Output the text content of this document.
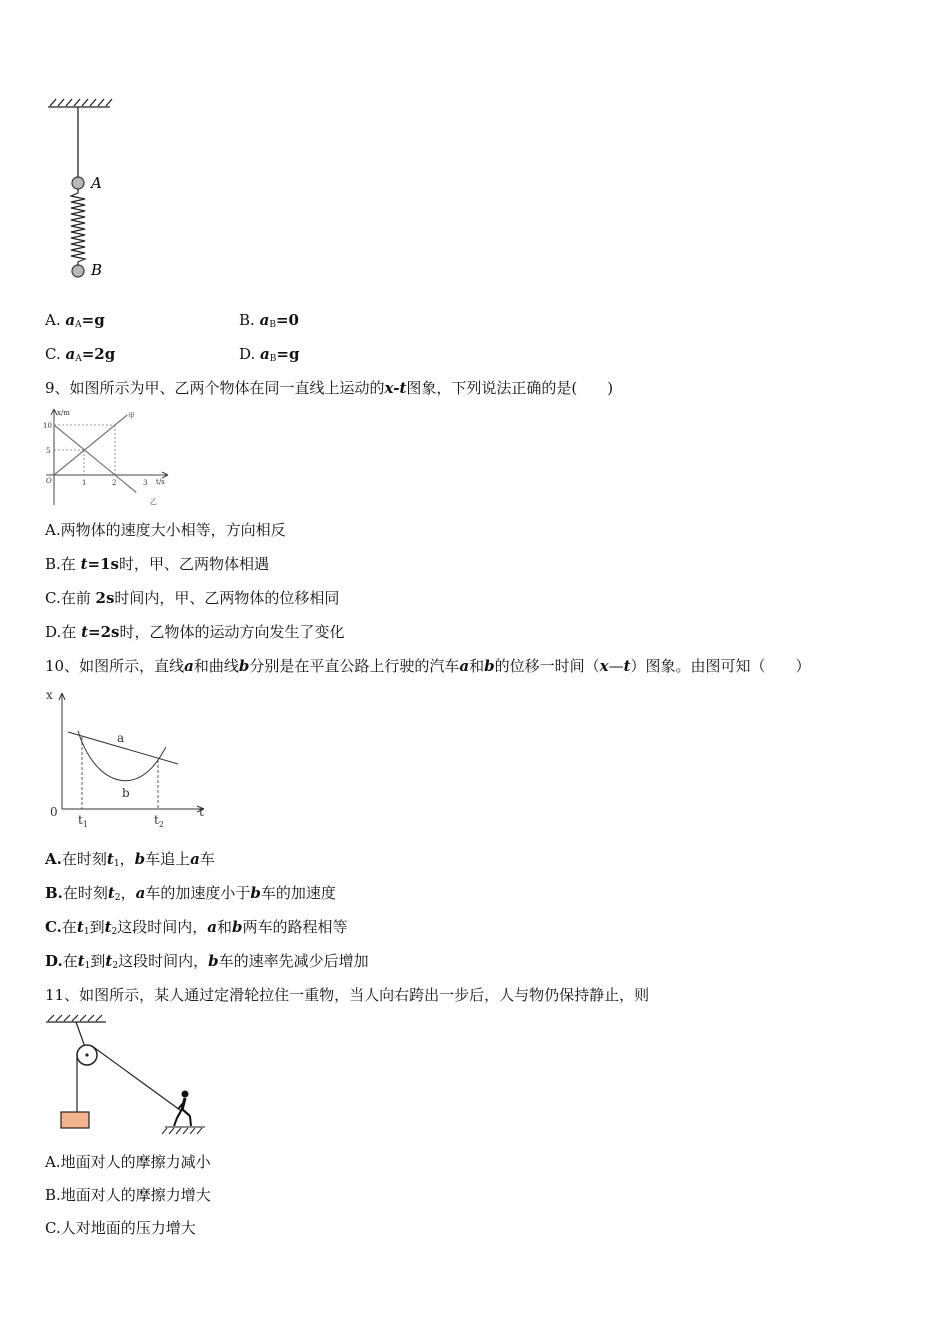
A
B
A. $a_A=g$	B. $a_B=0$
C. $a_A=2g$	D. $a_B=g$
9、如图所示为甲、乙两个物体在同一直线上运动的x-t图象，下列说法正确的是(　　)
x/m
t/s
O
10
5
1	2	3
甲
乙
A.两物体的速度大小相等，方向相反
B.在 t=1s时，甲、乙两物体相遇
C.在前 2s时间内，甲、乙两物体的位移相同
D.在 t=2s时，乙物体的运动方向发生了变化
10、如图所示，直线a和曲线b分别是在平直公路上行驶的汽车a和b的位移一时间（x—t）图象。由图可知（　　）
x
t
0
a
b
$t_1$	$t_2$
A.在时刻$t_1$，b车追上a车
B.在时刻$t_2$，a车的加速度小于b车的加速度
C.在$t_1$到$t_2$这段时间内，a和b两车的路程相等
D.在$t_1$到$t_2$这段时间内，b车的速率先减少后增加
11、如图所示，某人通过定滑轮拉住一重物，当人向右跨出一步后，人与物仍保持静止，则
A.地面对人的摩擦力减小
B.地面对人的摩擦力增大
C.人对地面的压力增大
